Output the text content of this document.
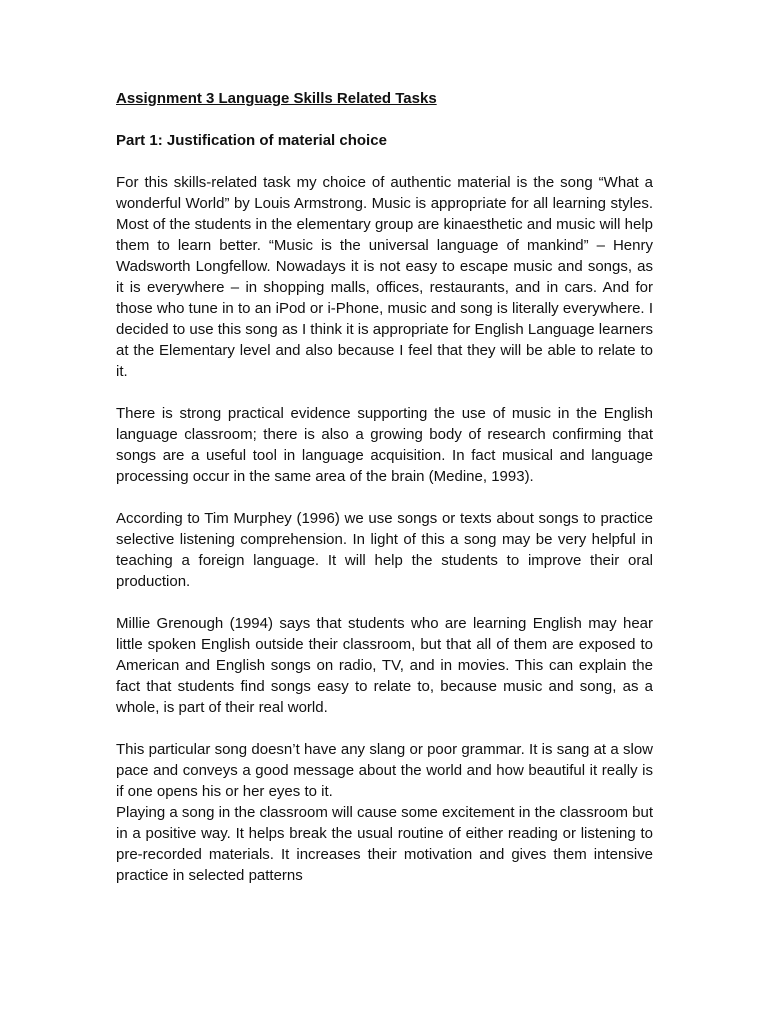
Assignment 3 Language Skills Related Tasks
Part 1: Justification of material choice

For this skills-related task my choice of authentic material is the song “What a wonderful World” by Louis Armstrong. Music is appropriate for all learning styles. Most of the students in the elementary group are kinaesthetic and music will help them to learn better. “Music is the universal language of mankind” – Henry Wadsworth Longfellow. Nowadays it is not easy to escape music and songs, as it is everywhere – in shopping malls, offices, restaurants, and in cars. And for those who tune in to an iPod or i-Phone, music and song is literally everywhere. I decided to use this song as I think it is appropriate for English Language learners at the Elementary level and also because I feel that they will be able to relate to it.

There is strong practical evidence supporting the use of music in the English language classroom; there is also a growing body of research confirming that songs are a useful tool in language acquisition. In fact musical and language processing occur in the same area of the brain (Medine, 1993).

According to Tim Murphey (1996) we use songs or texts about songs to practice selective listening comprehension. In light of this a song may be very helpful in teaching a foreign language. It will help the students to improve their oral production.

Millie Grenough (1994) says that students who are learning English may hear little spoken English outside their classroom, but that all of them are exposed to American and English songs on radio, TV, and in movies. This can explain the fact that students find songs easy to relate to, because music and song, as a whole, is part of their real world.

This particular song doesn’t have any slang or poor grammar. It is sang at a slow pace and conveys a good message about the world and how beautiful it really is if one opens his or her eyes to it.

Playing a song in the classroom will cause some excitement in the classroom but in a positive way. It helps break the usual routine of either reading or listening to pre-recorded materials. It increases their motivation and gives them intensive practice in selected patterns
